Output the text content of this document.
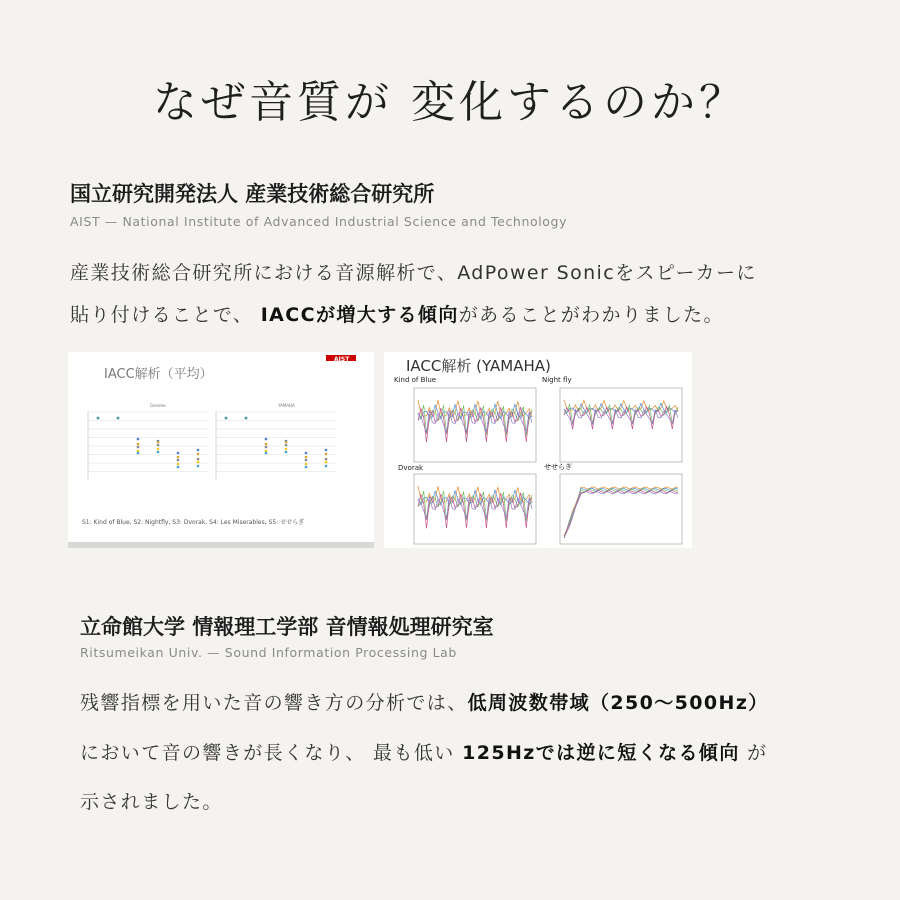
なぜ音質が 変化するのか？
国立研究開発法人 産業技術総合研究所
AIST — National Institute of Advanced Industrial Science and Technology
産業技術総合研究所における音源解析で、AdPower Sonicをスピーカーに
貼り付けることで、 IACCが増大する傾向があることがわかりました。
IACC解析（平均）
AIST
Genelec	YAMAHA
S1: Kind of Blue, S2: Nightfly, S3: Dvorak, S4: Les Miserables, S5: せせらぎ
IACC解析 (YAMAHA)
Kind of Blue	Night fly
Dvorak	せせらぎ
立命館大学 情報理工学部 音情報処理研究室
Ritsumeikan Univ. — Sound Information Processing Lab
残響指標を用いた音の響き方の分析では、低周波数帯域（250〜500Hz）
において音の響きが長くなり、 最も低い 125Hzでは逆に短くなる傾向 が
示されました。
